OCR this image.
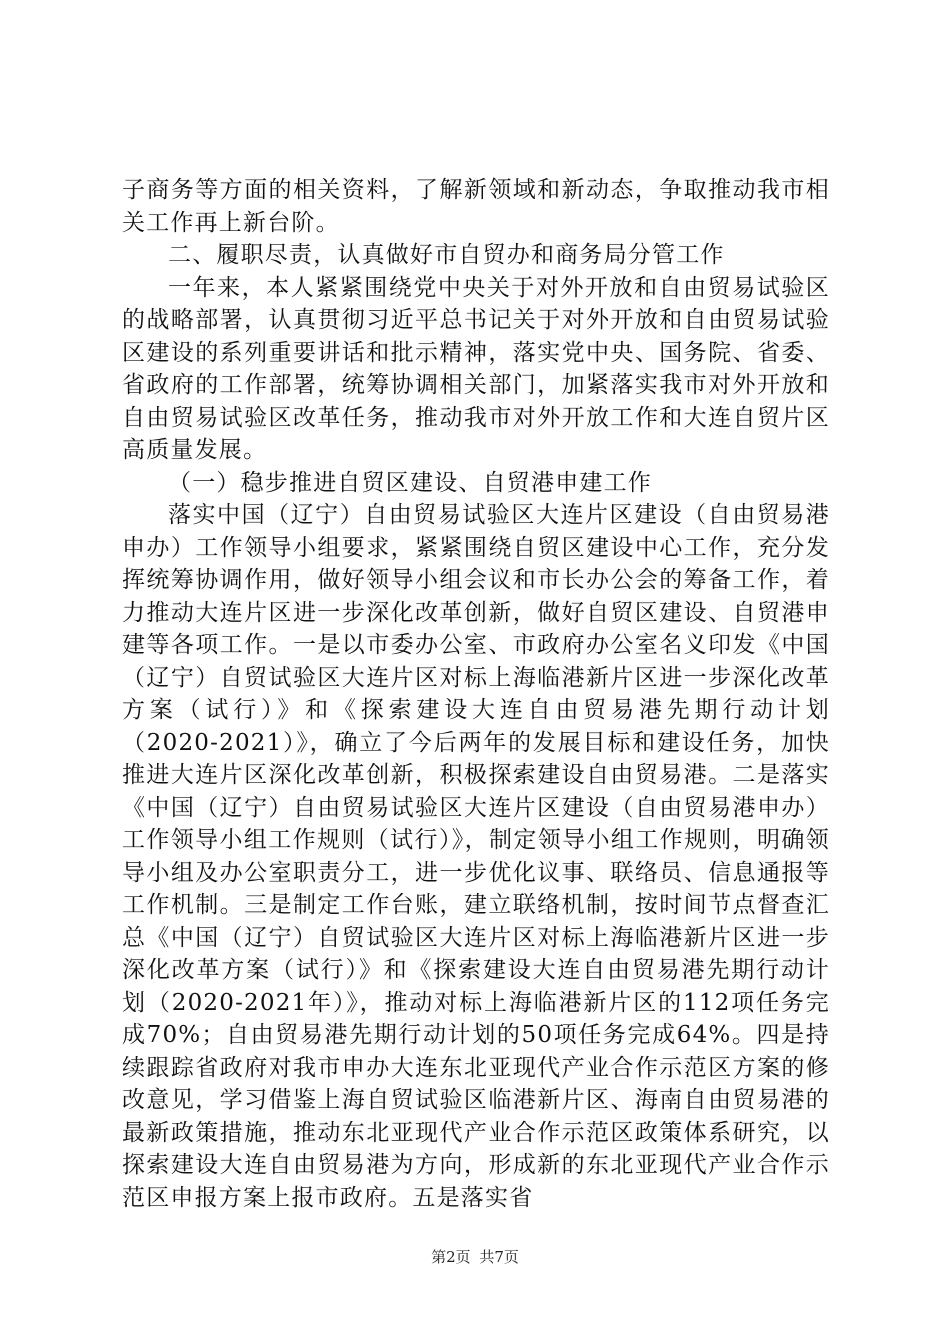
子商务等方面的相关资料，了解新领域和新动态，争取推动我市相关工作再上新台阶。

二、履职尽责，认真做好市自贸办和商务局分管工作

一年来，本人紧紧围绕党中央关于对外开放和自由贸易试验区的战略部署，认真贯彻习近平总书记关于对外开放和自由贸易试验区建设的系列重要讲话和批示精神，落实党中央、国务院、省委、省政府的工作部署，统筹协调相关部门，加紧落实我市对外开放和自由贸易试验区改革任务，推动我市对外开放工作和大连自贸片区高质量发展。

（一）稳步推进自贸区建设、自贸港申建工作

落实中国（辽宁）自由贸易试验区大连片区建设（自由贸易港申办）工作领导小组要求，紧紧围绕自贸区建设中心工作，充分发挥统筹协调作用，做好领导小组会议和市长办公会的筹备工作，着力推动大连片区进一步深化改革创新，做好自贸区建设、自贸港申建等各项工作。一是以市委办公室、市政府办公室名义印发《中国（辽宁）自贸试验区大连片区对标上海临港新片区进一步深化改革方案（试行）》和《探索建设大连自由贸易港先期行动计划（2020-2021）》，确立了今后两年的发展目标和建设任务，加快推进大连片区深化改革创新，积极探索建设自由贸易港。二是落实《中国（辽宁）自由贸易试验区大连片区建设（自由贸易港申办）工作领导小组工作规则（试行）》，制定领导小组工作规则，明确领导小组及办公室职责分工，进一步优化议事、联络员、信息通报等工作机制。三是制定工作台账，建立联络机制，按时间节点督查汇总《中国（辽宁）自贸试验区大连片区对标上海临港新片区进一步深化改革方案（试行）》和《探索建设大连自由贸易港先期行动计划（2020-2021年）》，推动对标上海临港新片区的112项任务完成70%；自由贸易港先期行动计划的50项任务完成64%。四是持续跟踪省政府对我市申办大连东北亚现代产业合作示范区方案的修改意见，学习借鉴上海自贸试验区临港新片区、海南自由贸易港的最新政策措施，推动东北亚现代产业合作示范区政策体系研究，以探索建设大连自由贸易港为方向，形成新的东北亚现代产业合作示范区申报方案上报市政府。五是落实省

第2页 共7页
